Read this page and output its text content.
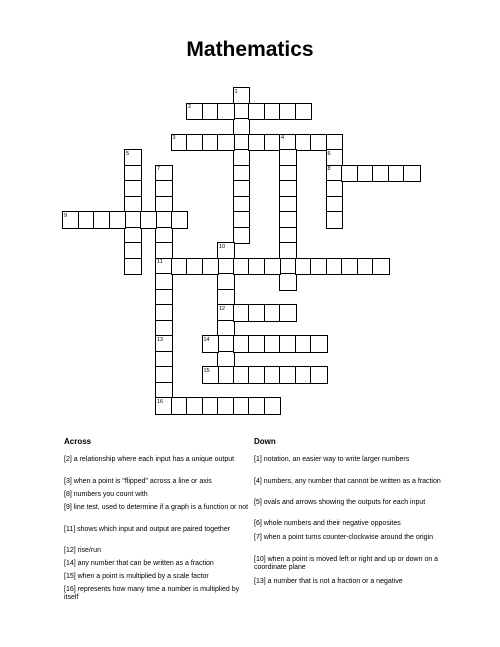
Mathematics
1
2
3	4
5	6
7	8
9
10
11
12
13	14
15
16
Across	Down
[2] a relationship where each input has a unique output
[3] when a point is "flipped" across a line or axis
[8] numbers you count with
[9] line test, used to determine if a graph is a function or not
[11] shows which input and output are paired together
[12] rise/run
[14] any number that can be written as a fraction
[15] when a point is multiplied by a scale factor
[16] represents how many time a number is multiplied by itself
[1] notation, an easier way to write larger numbers
[4] numbers, any number that cannot be written as a fraction
[5] ovals and arrows showing the outputs for each input
[6] whole numbers and their negative opposites
[7] when a point turns counter-clockwise around the origin
[10] when a point is moved left or right and up or down on a coordinate plane
[13] a number that is not a fraction or a negative
